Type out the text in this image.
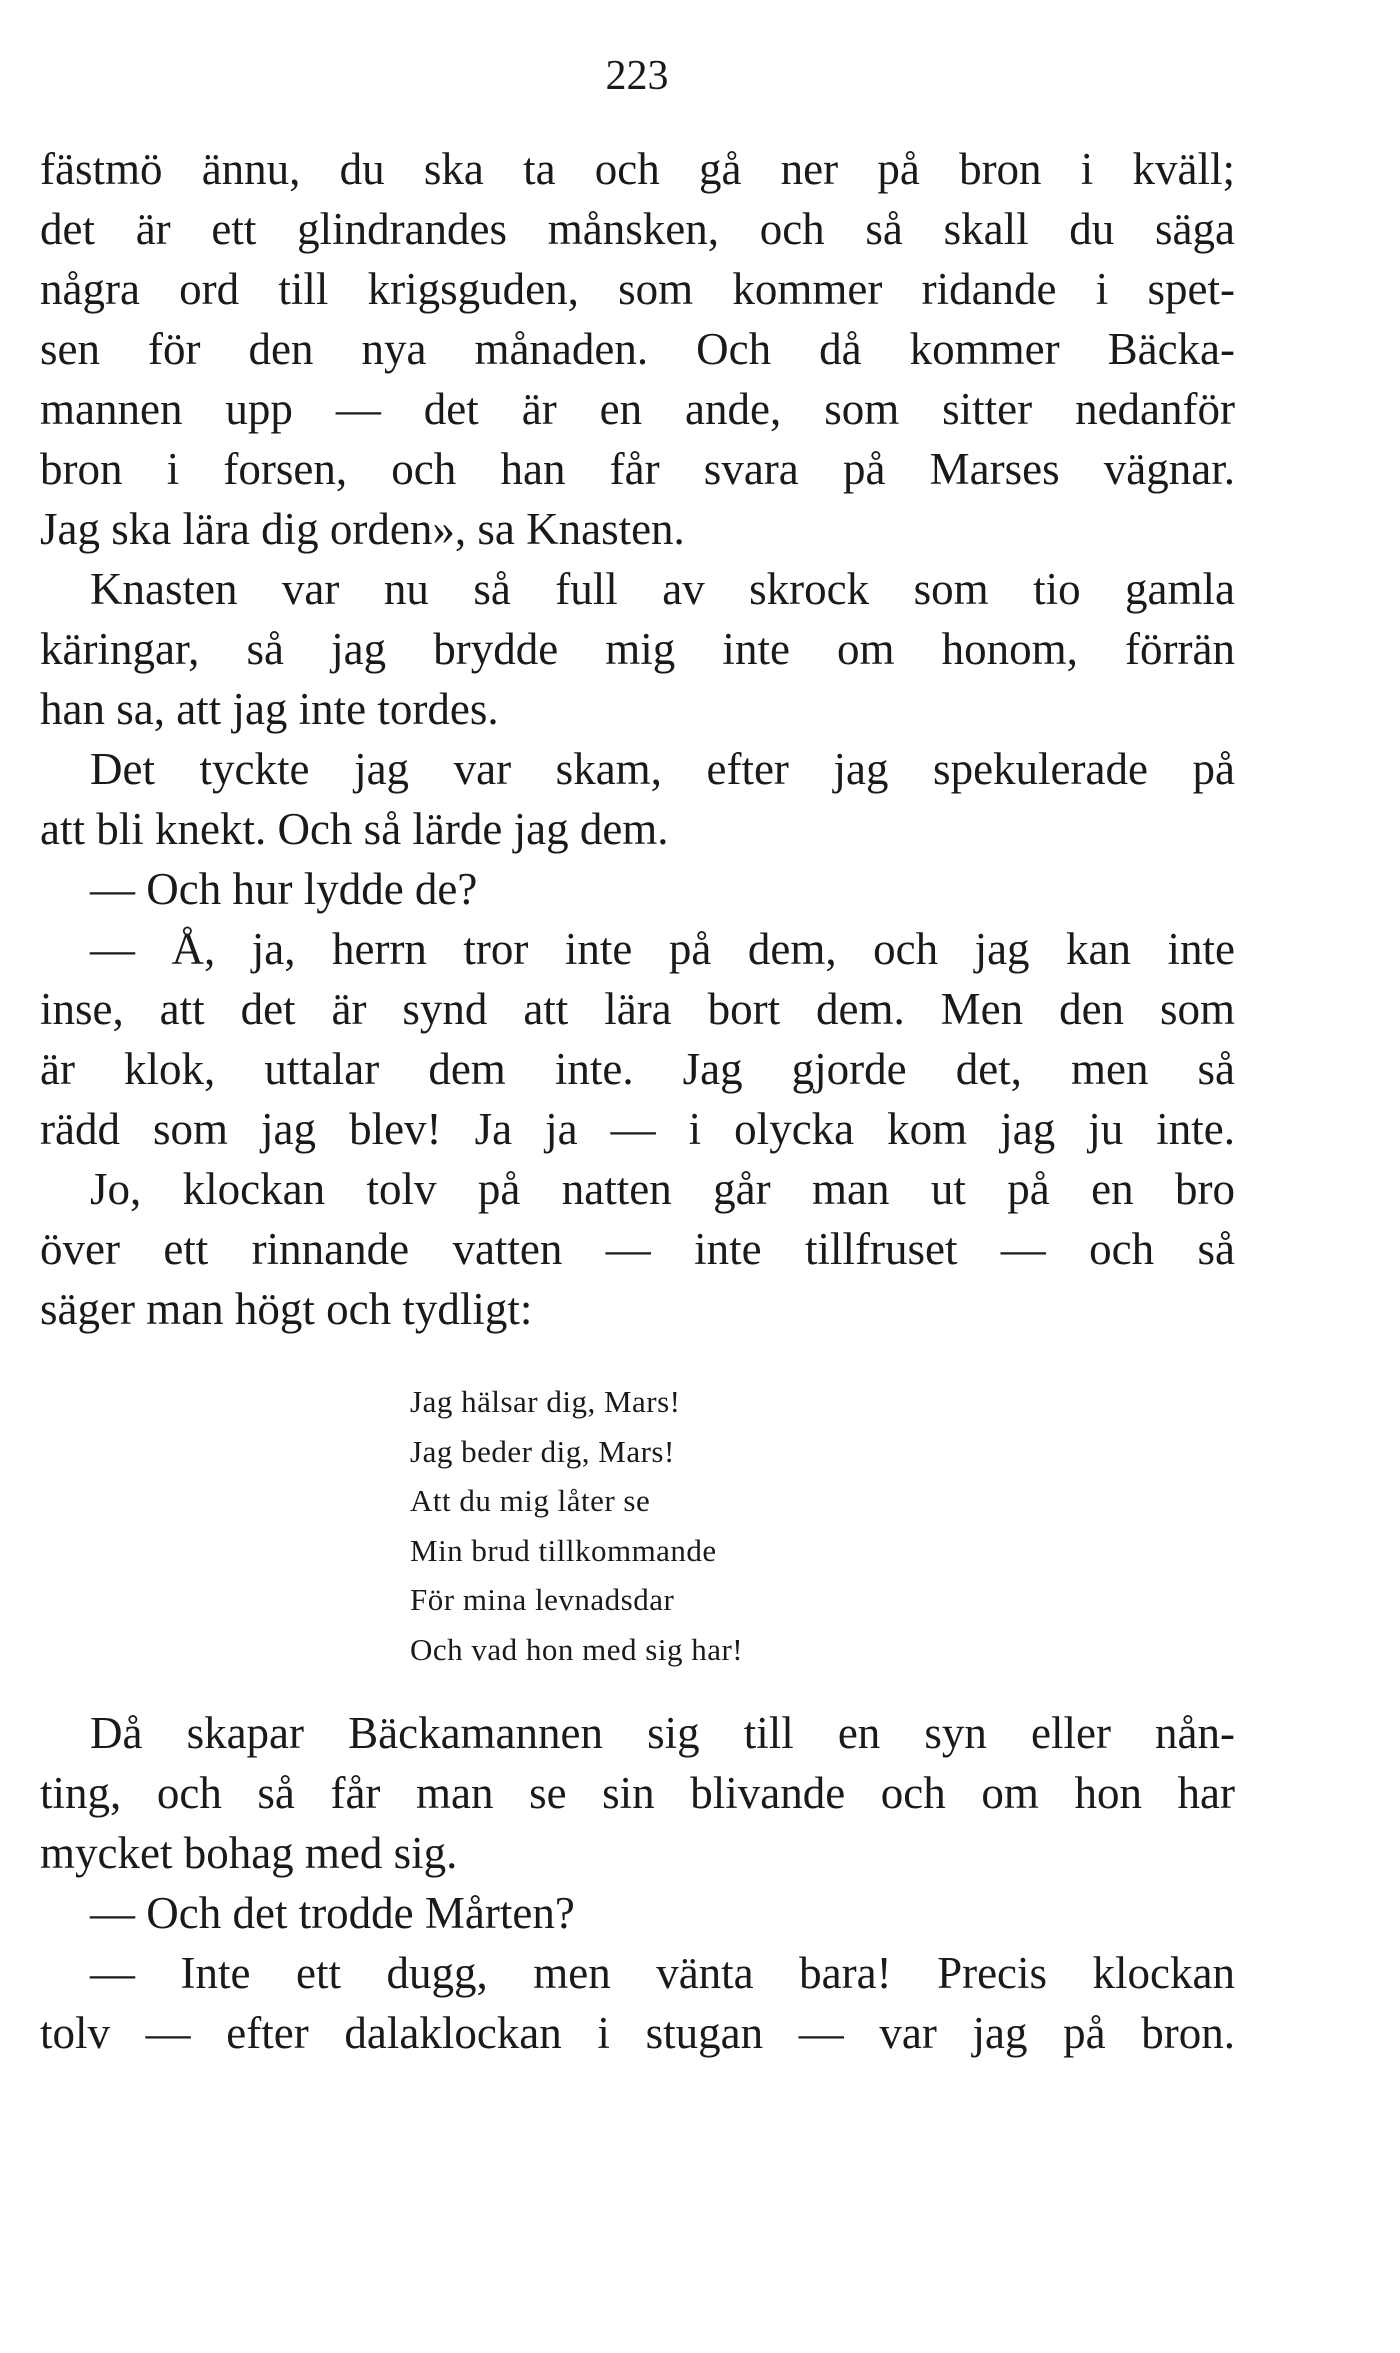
223
fästmö ännu, du ska ta och gå ner på bron i kväll;
det är ett glindrandes månsken, och så skall du säga
några ord till krigsguden, som kommer ridande i spet-
sen för den nya månaden. Och då kommer Bäcka-
mannen upp — det är en ande, som sitter nedanför
bron i forsen, och han får svara på Marses vägnar.
Jag ska lära dig orden», sa Knasten.
Knasten var nu så full av skrock som tio gamla
käringar, så jag brydde mig inte om honom, förrän
han sa, att jag inte tordes.
Det tyckte jag var skam, efter jag spekulerade på
att bli knekt. Och så lärde jag dem.
— Och hur lydde de?
— Å, ja, herrn tror inte på dem, och jag kan inte
inse, att det är synd att lära bort dem. Men den som
är klok, uttalar dem inte. Jag gjorde det, men så
rädd som jag blev! Ja ja — i olycka kom jag ju inte.
Jo, klockan tolv på natten går man ut på en bro
över ett rinnande vatten — inte tillfruset — och så
säger man högt och tydligt:
Jag hälsar dig, Mars!
Jag beder dig, Mars!
Att du mig låter se
Min brud tillkommande
För mina levnadsdar
Och vad hon med sig har!
Då skapar Bäckamannen sig till en syn eller nån-
ting, och så får man se sin blivande och om hon har
mycket bohag med sig.
— Och det trodde Mårten?
— Inte ett dugg, men vänta bara! Precis klockan
tolv — efter dalaklockan i stugan — var jag på bron.
